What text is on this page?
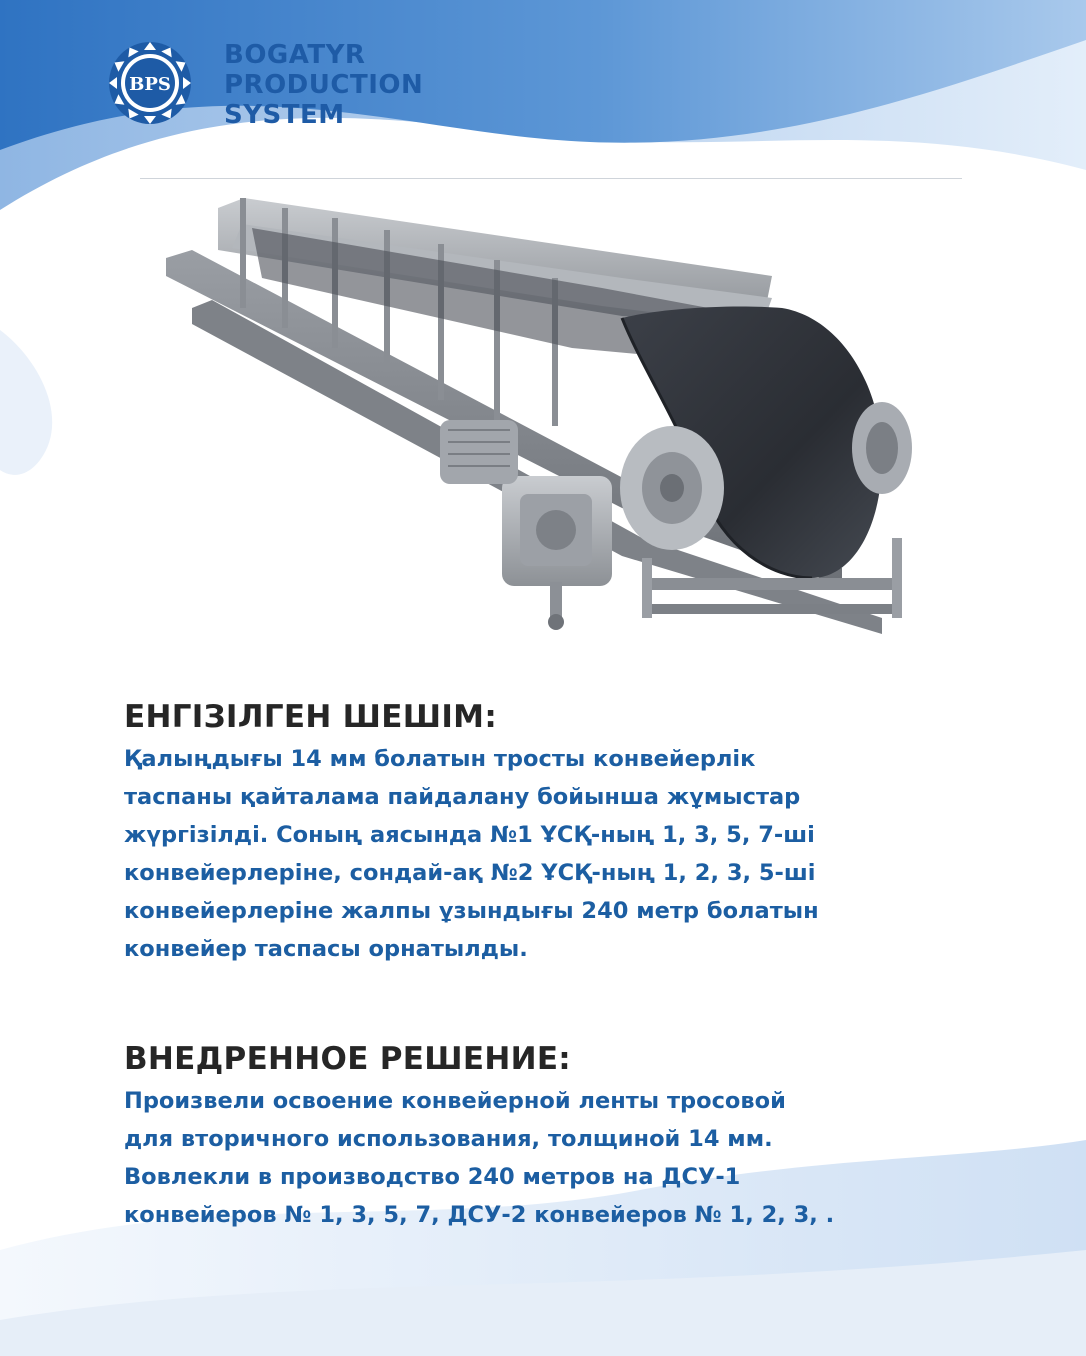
BPS
BOGATYR
PRODUCTION
SYSTEM
ЕНГІЗІЛГЕН ШЕШІМ:
Қалыңдығы 14 мм болатын тросты конвейерлік
таспаны қайталама пайдалану бойынша жұмыстар
жүргізілді. Соның аясында №1 ҰСҚ-ның 1, 3, 5, 7-ші
конвейерлеріне, сондай-ақ №2 ҰСҚ-ның 1, 2, 3, 5-ші
конвейерлеріне жалпы ұзындығы 240 метр болатын
конвейер таспасы орнатылды.
ВНЕДРЕННОЕ РЕШЕНИЕ:
Произвели освоение конвейерной ленты тросовой
для вторичного использования, толщиной 14 мм.
Вовлекли в производство 240 метров на ДСУ-1
конвейеров № 1, 3, 5, 7, ДСУ-2 конвейеров № 1, 2, 3, .
